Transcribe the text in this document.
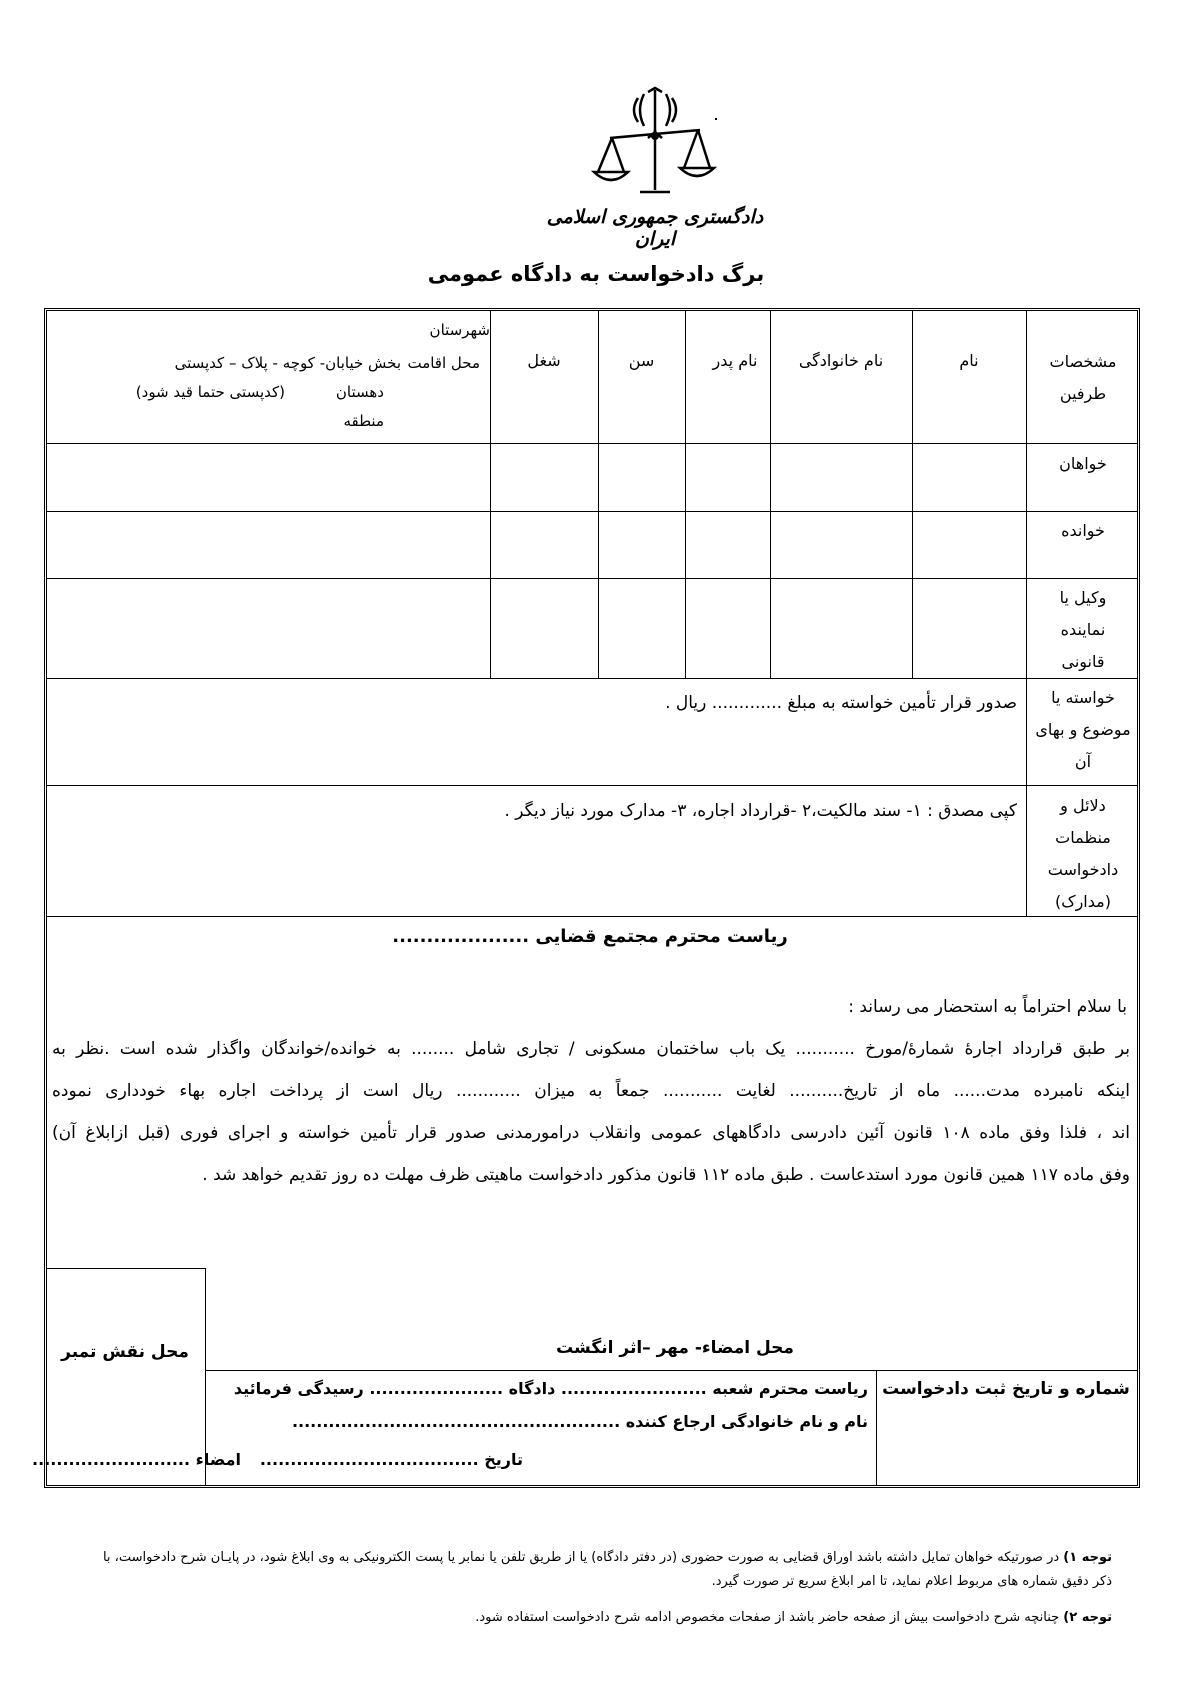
دادگستری جمهوری اسلامی ایران
برگ دادخواست به دادگاه عمومی
مشخصات طرفین
نام
نام خانوادگی
نام پدر
سن
شغل
شهرستان
محل اقامت
بخش خیابان- کوچه - پلاک – کدپستی
دهستان
(کدپستی حتما قید شود)
منطقه
خواهان
خوانده
وکیل یا نماینده قانونی
خواسته یا موضوع و بهای آن
صدور قرار تأمین خواسته به مبلغ ............. ریال .
دلائل و منظمات دادخواست (مدارک)
کپی مصدق : ۱- سند مالکیت،۲ -قرارداد اجاره، ۳- مدارک مورد نیاز دیگر .
ریاست محترم مجتمع قضایی ....................
با سلام احتراماً به استحضار می رساند :
بر طبق قرارداد اجارۀ شمارۀ/مورخ ........... یک باب ساختمان مسکونی / تجاری شامل ........ به خوانده/خواندگان واگذار شده است .نظر به
اینکه نامبرده مدت...... ماه از تاریخ.......... لغایت ........... جمعاً به میزان ............ ریال است از پرداخت اجاره بهاء خودداری نموده
اند ، فلذا وفق ماده ۱۰۸ قانون آئین دادرسی دادگاههای عمومی وانقلاب درامورمدنی صدور قرار تأمین خواسته و اجرای فوری (قبل ازابلاغ آن)
وفق ماده ۱۱۷ همین قانون مورد استدعاست . طبق ماده ۱۱۲ قانون مذکور دادخواست ماهیتی ظرف مهلت ده روز تقدیم خواهد شد .
محل امضاء- مهر –اثر انگشت
محل نقش تمبر
شماره و تاریخ ثبت دادخواست
ریاست محترم شعبه ........................ دادگاه ...................... رسیدگی فرمائید
نام و نام خانوادگی ارجاع کننده ......................................................
تاریخ ....................................
امضاء ..........................
توجه ۱) در صورتیکه خواهان تمایل داشته باشد اوراق قضایی به صورت حضوری (در دفتر دادگاه) یا از طریق تلفن یا نمابر یا پست الکترونیکی به وی ابلاغ شود، در پایـان شرح دادخواست، با ذکر دقیق شماره های مربوط اعلام نماید، تا امر ابلاغ سریع تر صورت گیرد.
توجه ۲) چنانچه شرح دادخواست بیش از صفحه حاضر باشد از صفحات مخصوص ادامه شرح دادخواست استفاده شود.
